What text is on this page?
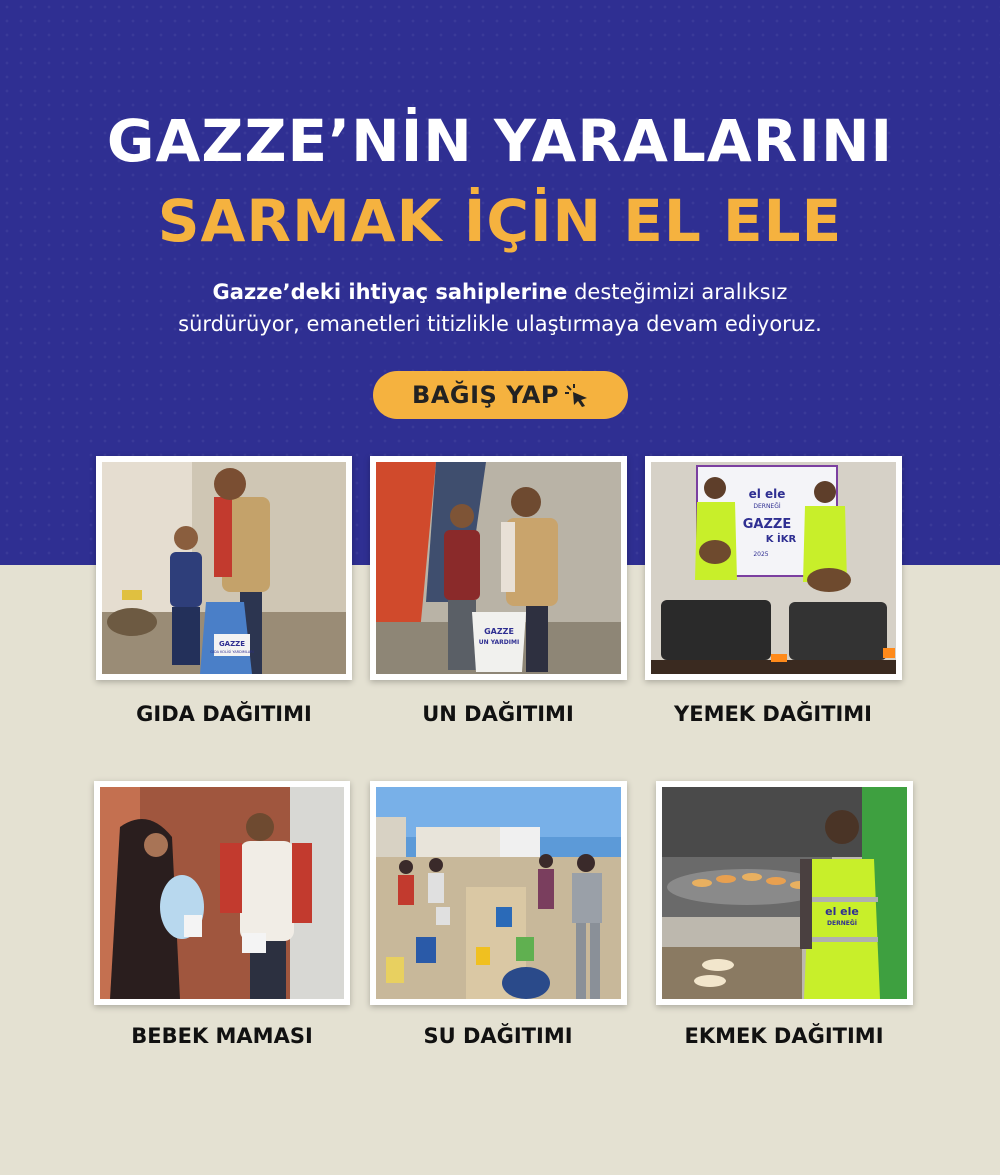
GAZZE’NİN YARALARINI
SARMAK İÇİN EL ELE
Gazze’deki ihtiyaç sahiplerine desteğimizi aralıksız
sürdürüyor, emanetleri titizlikle ulaştırmaya devam ediyoruz.
BAĞIŞ YAP
GAZZE
GIDA KOLİSİ YARDIMLARI
GIDA DAĞITIMI
GAZZE
UN YARDIMI
UN DAĞITIMI
el ele
DERNEĞİ
GAZZE
K İKR
2025
YEMEK DAĞITIMI
BEBEK MAMASI	SU DAĞITIMI
el ele
DERNEĞİ
EKMEK DAĞITIMI
